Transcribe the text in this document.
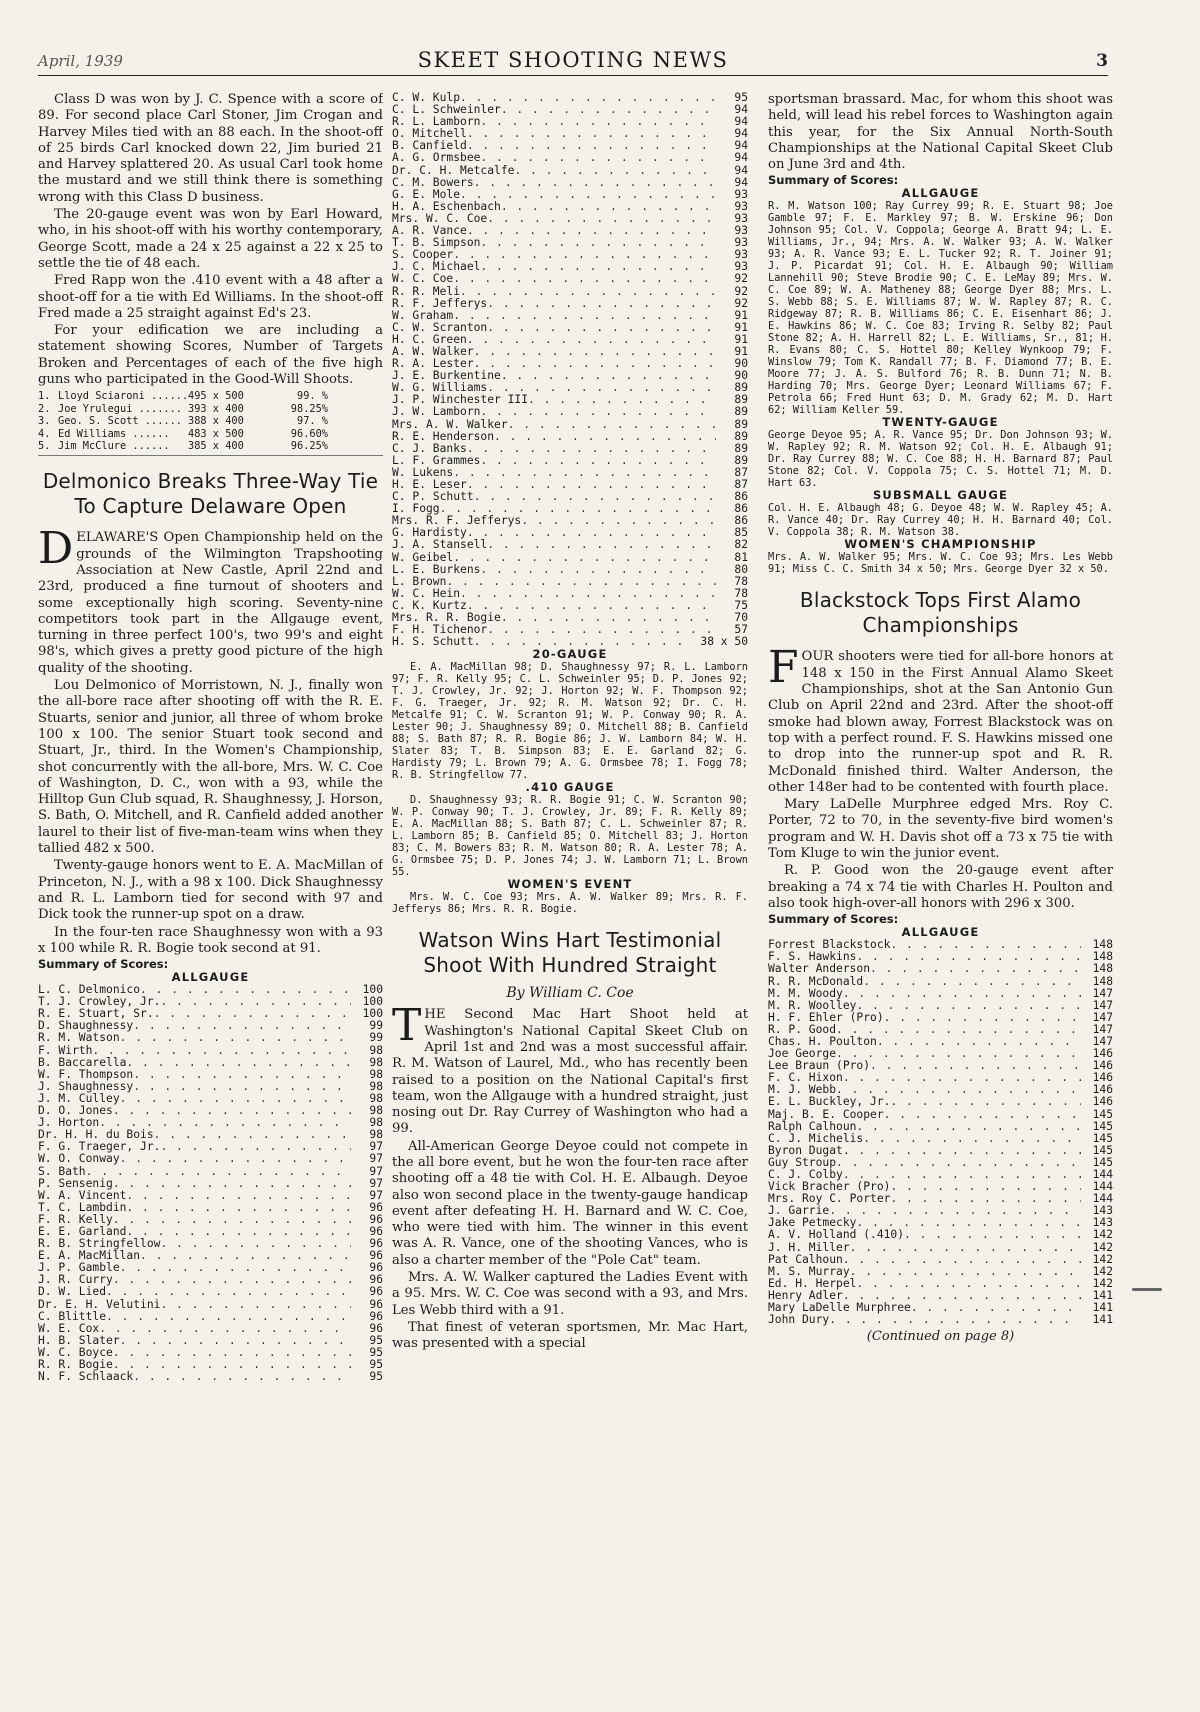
April, 1939	SKEET SHOOTING NEWS	3

Class D was won by J. C. Spence with a score of 89. For second place Carl Stoner, Jim Crogan and Harvey Miles tied with an 88 each. In the shoot-off of 25 birds Carl knocked down 22, Jim buried 21 and Harvey splattered 20. As usual Carl took home the mustard and we still think there is something wrong with this Class D business.

The 20-gauge event was won by Earl Howard, who, in his shoot-off with his worthy contemporary, George Scott, made a 24 x 25 against a 22 x 25 to settle the tie of 48 each.

Fred Rapp won the .410 event with a 48 after a shoot-off for a tie with Ed Williams. In the shoot-off Fred made a 25 straight against Ed's 23.

For your edification we are including a statement showing Scores, Number of Targets Broken and Percentages of each of the five high guns who participated in the Good-Will Shoots.

1. Lloyd Sciaroni ...... 495 x 500	99. %
2. Joe Yrulegui ....... 393 x 400	98.25%
3. Geo. S. Scott ...... 388 x 400	97. %
4. Ed Williams ......	483 x 500	96.60%
5. Jim McClure ......	385 x 400	96.25%
Delmonico Breaks Three-Way Tie To Capture Delaware Open

DELAWARE'S Open Championship held on the grounds of the Wilmington Trapshooting Association at New Castle, April 22nd and 23rd, produced a fine turnout of shooters and some exceptionally high scoring. Seventy-nine competitors took part in the Allgauge event, turning in three perfect 100's, two 99's and eight 98's, which gives a pretty good picture of the high quality of the shooting.

Lou Delmonico of Morristown, N. J., finally won the all-bore race after shooting off with the R. E. Stuarts, senior and junior, all three of whom broke 100 x 100. The senior Stuart took second and Stuart, Jr., third. In the Women's Championship, shot concurrently with the all-bore, Mrs. W. C. Coe of Washington, D. C., won with a 93, while the Hilltop Gun Club squad, R. Shaughnessy, J. Horson, S. Bath, O. Mitchell, and R. Canfield added another laurel to their list of five-man-team wins when they tallied 482 x 500.

Twenty-gauge honors went to E. A. MacMillan of Princeton, N. J., with a 98 x 100. Dick Shaughnessy and R. L. Lamborn tied for second with 97 and Dick took the runner-up spot on a draw.

In the four-ten race Shaughnessy won with a 93 x 100 while R. R. Bogie took second at 91.

Summary of Scores:
ALLGAUGE
L. C. Delmonico . . .	100
T. J. Crowley, Jr. . . .	100
R. E. Stuart, Sr. . . .	100
D. Shaughnessy . . .	99
R. M. Watson . . .	99
F. Wirth . . .	98
B. Baccarella . . .	98
W. F. Thompson . . .	98
J. Shaughnessy . . .	98
J. M. Culley . . .	98
D. O. Jones . . .	98
J. Horton . . .	98
Dr. H. H. du Bois . . .	98
F. G. Traeger, Jr. . . .	97
W. O. Conway . . .	97
S. Bath . . .	97
P. Sensenig . . .	97
W. A. Vincent . . .	97
T. C. Lambdin . . .	96
F. R. Kelly . . .	96
E. E. Garland . . .	96
R. B. Stringfellow . . .	96
E. A. MacMillan . . .	96
J. P. Gamble . . .	96
J. R. Curry . . .	96
D. W. Lied . . .	96
Dr. E. H. Velutini . . .	96
C. Blittle . . .	96
W. E. Cox . . .	96
H. B. Slater . . .	95
W. C. Boyce . . .	95
R. R. Bogie . . .	95
N. F. Schlaack . . .	95
C. W. Kulp . . .	95
C. L. Schweinler . . .	94
R. L. Lamborn . . .	94
O. Mitchell . . .	94
B. Canfield . . .	94
A. G. Ormsbee . . .	94
Dr. C. H. Metcalfe . . .	94
C. M. Bowers . . .	94
G. E. Mole . . .	93
H. A. Eschenbach . . .	93
Mrs. W. C. Coe . . .	93
A. R. Vance . . .	93
T. B. Simpson . . .	93
S. Cooper . . .	93
J. C. Michael . . .	93
W. C. Coe . . .	92
R. R. Meli . . .	92
R. F. Jefferys . . .	92
W. Graham . . .	91
C. W. Scranton . . .	91
H. C. Green . . .	91
A. W. Walker . . .	91
R. A. Lester . . .	90
J. E. Burkentine . . .	90
W. G. Williams . . .	89
J. P. Winchester III . . .	89
J. W. Lamborn . . .	89
Mrs. A. W. Walker . . .	89
R. E. Henderson . . .	89
C. J. Banks . . .	89
L. F. Grammes . . .	89
W. Lukens . . .	87
H. E. Leser . . .	87
C. P. Schutt . . .	86
I. Fogg . . .	86
Mrs. R. F. Jefferys . . .	86
G. Hardisty . . .	85
J. A. Stansell . . .	82
W. Geibel . . .	81
L. E. Burkens . . .	80
L. Brown . . .	78
W. C. Hein . . .	78
C. K. Kurtz . . .	75
Mrs. R. R. Bogie . . .	70
F. H. Tichenor . . .	57
H. S. Schutt . . .	38 x 50
20-GAUGE
E. A. MacMillan 98; D. Shaughnessy 97; R. L. Lamborn 97; F. R. Kelly 95; C. L. Schweinler 95; D. P. Jones 92; T. J. Crowley, Jr. 92; J. Horton 92; W. F. Thompson 92; F. G. Traeger, Jr. 92; R. M. Watson 92; Dr. C. H. Metcalfe 91; C. W. Scranton 91; W. P. Conway 90; R. A. Lester 90; J. Shaughnessy 89; O. Mitchell 88; B. Canfield 88; S. Bath 87; R. R. Bogie 86; J. W. Lamborn 84; W. H. Slater 83; T. B. Simpson 83; E. E. Garland 82; G. Hardisty 79; L. Brown 79; A. G. Ormsbee 78; I. Fogg 78; R. B. Stringfellow 77.
.410 GAUGE
D. Shaughnessy 93; R. R. Bogie 91; C. W. Scranton 90; W. P. Conway 90; T. J. Crowley, Jr. 89; F. R. Kelly 89; E. A. MacMillan 88; S. Bath 87; C. L. Schweinler 87; R. L. Lamborn 85; B. Canfield 85; O. Mitchell 83; J. Horton 83; C. M. Bowers 83; R. M. Watson 80; R. A. Lester 78; A. G. Ormsbee 75; D. P. Jones 74; J. W. Lamborn 71; L. Brown 55.
WOMEN'S EVENT
Mrs. W. C. Coe 93; Mrs. A. W. Walker 89; Mrs. R. F. Jefferys 86; Mrs. R. R. Bogie.
Watson Wins Hart Testimonial Shoot With Hundred Straight
By William C. Coe

THE Second Mac Hart Shoot held at Washington's National Capital Skeet Club on April 1st and 2nd was a most successful affair. R. M. Watson of Laurel, Md., who has recently been raised to a position on the National Capital's first team, won the Allgauge with a hundred straight, just nosing out Dr. Ray Currey of Washington who had a 99.

All-American George Deyoe could not compete in the all bore event, but he won the four-ten race after shooting off a 48 tie with Col. H. E. Albaugh. Deyoe also won second place in the twenty-gauge handicap event after defeating H. H. Barnard and W. C. Coe, who were tied with him. The winner in this event was A. R. Vance, one of the shooting Vances, who is also a charter member of the "Pole Cat" team.

Mrs. A. W. Walker captured the Ladies Event with a 95. Mrs. W. C. Coe was second with a 93, and Mrs. Les Webb third with a 91.

That finest of veteran sportsmen, Mr. Mac Hart, was presented with a special

sportsman brassard. Mac, for whom this shoot was held, will lead his rebel forces to Washington again this year, for the Six Annual North-South Championships at the National Capital Skeet Club on June 3rd and 4th.

Summary of Scores:
ALLGAUGE
R. M. Watson 100; Ray Currey 99; R. E. Stuart 98; Joe Gamble 97; F. E. Markley 97; B. W. Erskine 96; Don Johnson 95; Col. V. Coppola; George A. Bratt 94; L. E. Williams, Jr., 94; Mrs. A. W. Walker 93; A. W. Walker 93; A. R. Vance 93; E. L. Tucker 92; R. T. Joiner 91; J. P. Picardat 91; Col. H. E. Albaugh 90; William Lannehill 90; Steve Brodie 90; C. E. LeMay 89; Mrs. W. C. Coe 89; W. A. Matheney 88; George Dyer 88; Mrs. L. S. Webb 88; S. E. Williams 87; W. W. Rapley 87; R. C. Ridgeway 87; R. B. Williams 86; C. E. Eisenhart 86; J. E. Hawkins 86; W. C. Coe 83; Irving R. Selby 82; Paul Stone 82; A. H. Harrell 82; L. E. Williams, Sr., 81; H. R. Evans 80; C. S. Hottel 80; Kelley Wynkoop 79; F. Winslow 79; Tom K. Randall 77; B. F. Diamond 77; B. E. Moore 77; J. A. S. Bulford 76; R. B. Dunn 71; N. B. Harding 70; Mrs. George Dyer; Leonard Williams 67; F. Petrola 66; Fred Hunt 63; D. M. Grady 62; M. D. Hart 62; William Keller 59.
TWENTY-GAUGE
George Deyoe 95; A. R. Vance 95; Dr. Don Johnson 93; W. W. Rapley 92; R. M. Watson 92; Col. H. E. Albaugh 91; Dr. Ray Currey 88; W. C. Coe 88; H. H. Barnard 87; Paul Stone 82; Col. V. Coppola 75; C. S. Hottel 71; M. D. Hart 63.
SUBSMALL GAUGE
Col. H. E. Albaugh 48; G. Deyoe 48; W. W. Rapley 45; A. R. Vance 40; Dr. Ray Currey 40; H. H. Barnard 40; Col. V. Coppola 38; R. M. Watson 38.
WOMEN'S CHAMPIONSHIP
Mrs. A. W. Walker 95; Mrs. W. C. Coe 93; Mrs. Les Webb 91; Miss C. C. Smith 34 x 50; Mrs. George Dyer 32 x 50.
Blackstock Tops First Alamo Championships

FOUR shooters were tied for all-bore honors at 148 x 150 in the First Annual Alamo Skeet Championships, shot at the San Antonio Gun Club on April 22nd and 23rd. After the shoot-off smoke had blown away, Forrest Blackstock was on top with a perfect round. F. S. Hawkins missed one to drop into the runner-up spot and R. R. McDonald finished third. Walter Anderson, the other 148er had to be contented with fourth place.

Mary LaDelle Murphree edged Mrs. Roy C. Porter, 72 to 70, in the seventy-five bird women's program and W. H. Davis shot off a 73 x 75 tie with Tom Kluge to win the junior event.

R. P. Good won the 20-gauge event after breaking a 74 x 74 tie with Charles H. Poulton and also took high-over-all honors with 296 x 300.

Summary of Scores:
ALLGAUGE
Forrest Blackstock . . .	148
F. S. Hawkins . . .	148
Walter Anderson . . .	148
R. R. McDonald . . .	148
M. M. Woody . . .	147
M. R. Woolley . . .	147
H. F. Ehler (Pro) . . .	147
R. P. Good . . .	147
Chas. H. Poulton . . .	147
Joe George . . .	146
Lee Braun (Pro) . . .	146
F. C. Hixon . . .	146
M. J. Webb . . .	146
E. L. Buckley, Jr. . . .	146
Maj. B. E. Cooper . . .	145
Ralph Calhoun . . .	145
C. J. Michelis . . .	145
Byron Dugat . . .	145
Guy Stroup . . .	145
C. J. Colby . . .	144
Vick Bracher (Pro) . . .	144
Mrs. Roy C. Porter . . .	144
J. Garrie . . .	143
Jake Petmecky . . .	143
A. V. Holland (.410) . . .	142
J. H. Miller . . .	142
Pat Calhoun . . .	142
M. S. Murray . . .	142
Ed. H. Herpel . . .	142
Henry Adler . . .	141
Mary LaDelle Murphree . . .	141
John Dury . . .	141
(Continued on page 8)
